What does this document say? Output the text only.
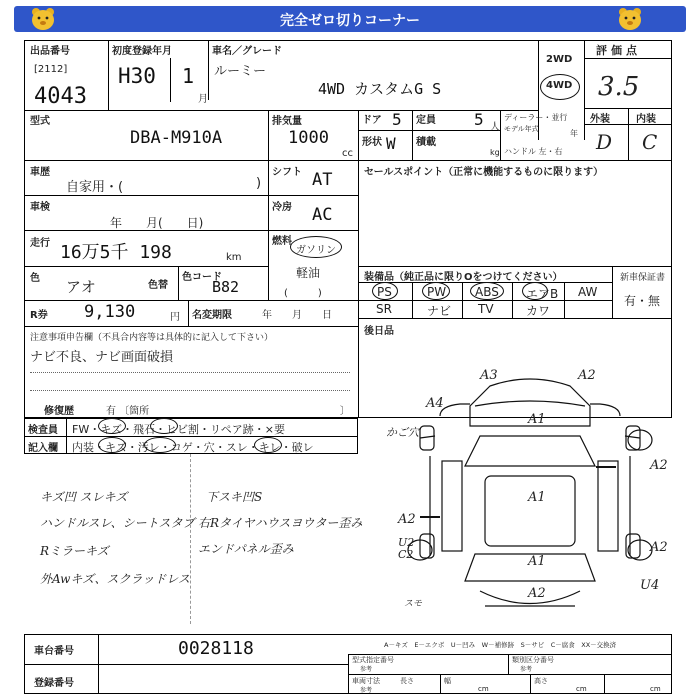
完全ゼロ切りコーナー
出品番号
[2112]
4043
初度登録年月
H30 1
月
車名／グレード
ルーミー
4WD カスタムG S
2WD
4WD
評価点
3.5
外装	内装
D C
型式
DBA-M910A
排気量
1000
cc
ドア 5 定員 5 人
形状 W 積載
kg
ディーラー・並行
モデル年式	年
ハンドル 左・右
車歴
自家用・(	)
シフト AT
車検
年　　月(　　日)
冷房 AC
走行 16万5千 198	km
燃料
ガソリン
軽油
(　　　)
色 アオ	色替
色コード
B82
R券 9,130	円 名変期限	年　　月　　日
注意事項申告欄（不具合内容等は具体的に記入して下さい）
ナビ不良、ナビ画面破損
修復歴	有 〔箇所	〕
セールスポイント（正常に機能するものに限ります）
装備品（純正品に限りOをつけてください）	新車保証書
有・無
PS	PW ABS エアB AW
SR	ナビ TV	カワ
後日品
検査員
記入欄
FW・キズ・飛石・ヒビ割・リペア跡・×要
内装・キズ・汚レ・コゲ・穴・スレ・キレ・破レ
キズ凹 スレキズ
ハンドルスレ、シートスタブ
Rミラーキズ
外Awキズ、スクラッドレス
下スキ凹S
右Rタイヤハウスヨウター歪み
エンドパネル歪み
A3	A2
A4
かご穴
A1
A1
A1
A2
A2
U2
C2	A2
U4
A2
スモ
A－キズ　E－エクボ　U－凹み　W－補修跡　S－サビ　C－腐食　XX－交換済
車台番号	0028118
登録番号
型式指定番号
参考
類別区分番号
参考
車両寸法
参考
長さ
cm
幅
cm
高さ
cm
